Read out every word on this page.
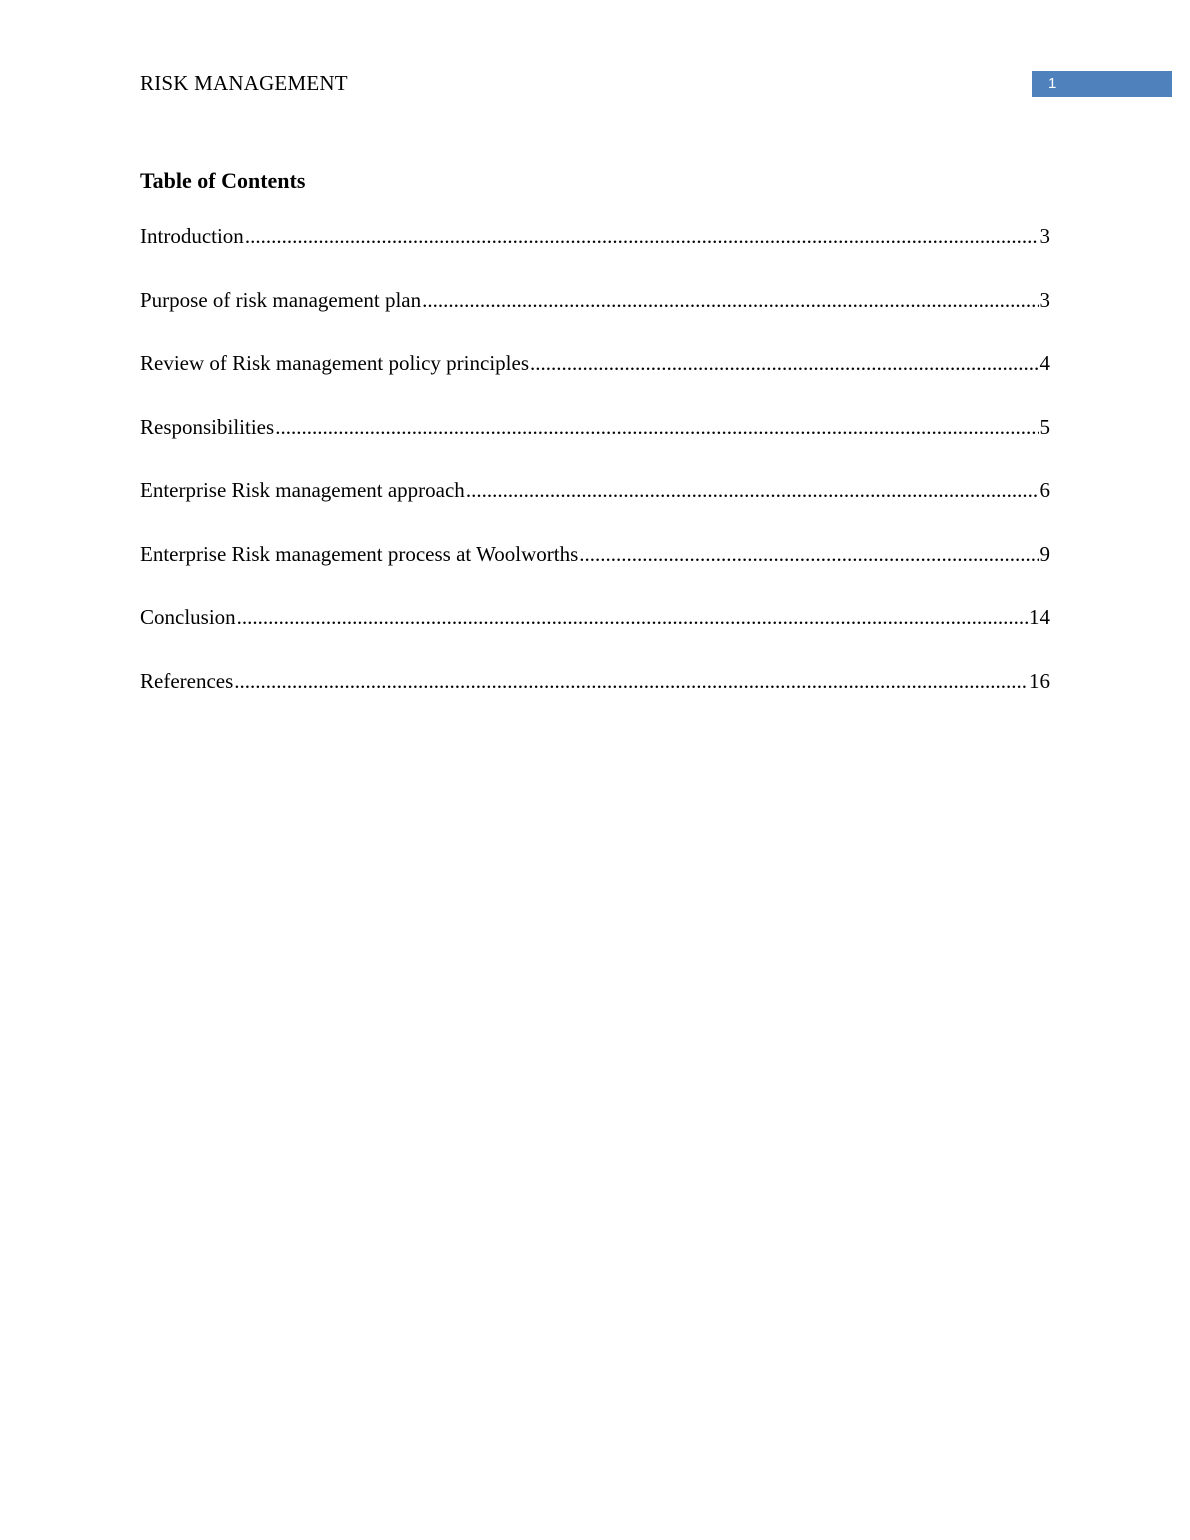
RISK MANAGEMENT	1
Table of Contents
Introduction .....	3
Purpose of risk management plan .....	3
Review of Risk management policy principles .....	4
Responsibilities .....	5
Enterprise Risk management approach .....	6
Enterprise Risk management process at Woolworths .....	9
Conclusion .....	14
References .....	16
